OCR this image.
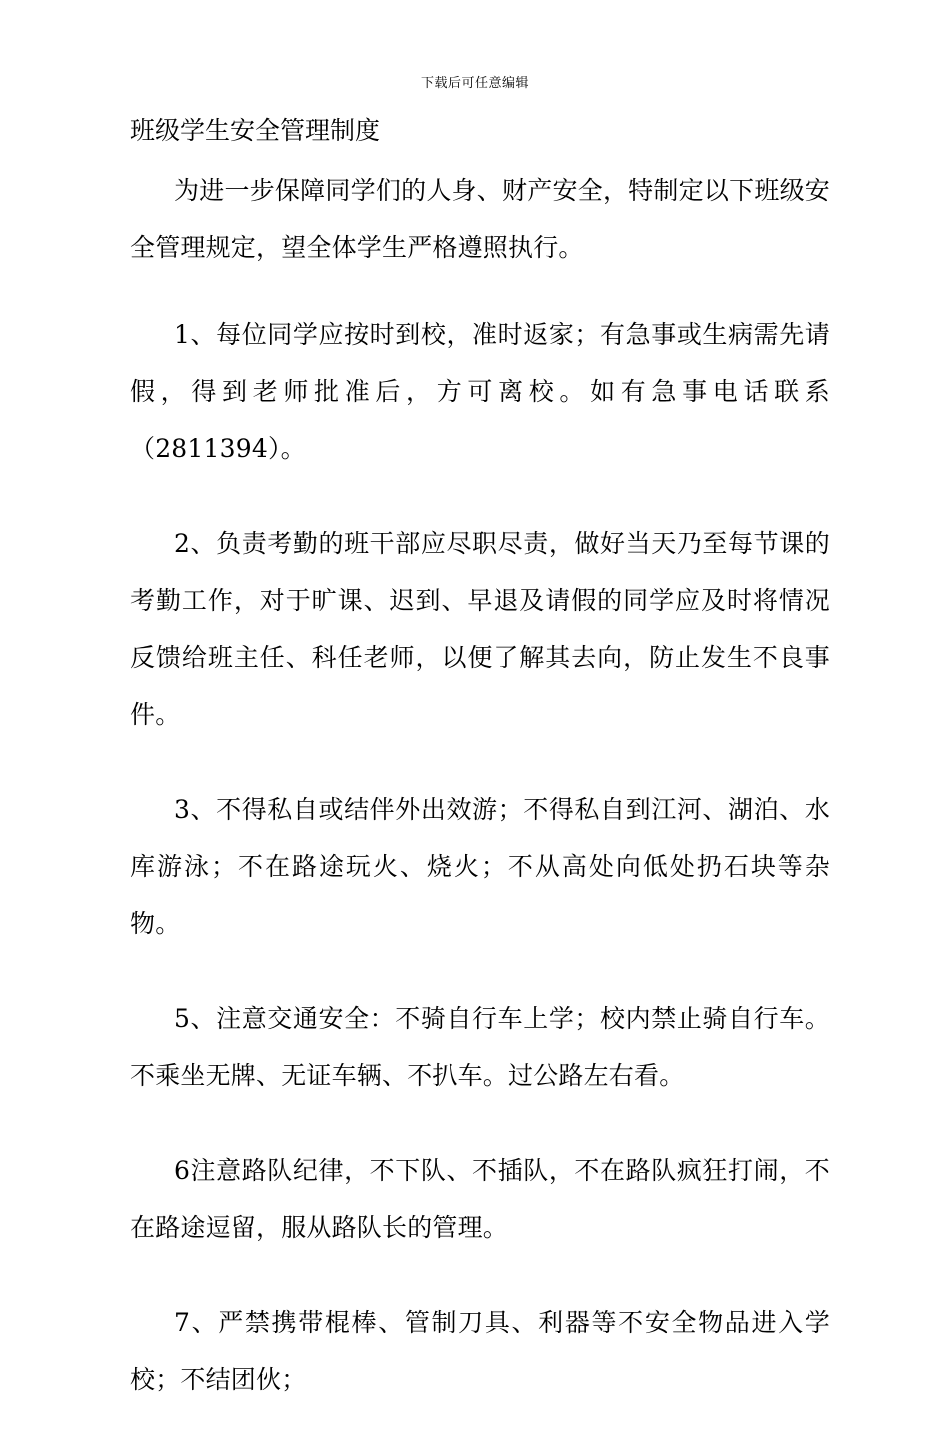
下载后可任意编辑
班级学生安全管理制度

为进一步保障同学们的人身、财产安全，特制定以下班级安全管理规定，望全体学生严格遵照执行。

1、每位同学应按时到校，准时返家；有急事或生病需先请假，得到老师批准后，方可离校。如有急事电话联系（2811394）。

2、负责考勤的班干部应尽职尽责，做好当天乃至每节课的考勤工作，对于旷课、迟到、早退及请假的同学应及时将情况反馈给班主任、科任老师，以便了解其去向，防止发生不良事件。

3、不得私自或结伴外出效游；不得私自到江河、湖泊、水库游泳；不在路途玩火、烧火；不从高处向低处扔石块等杂物。

5、注意交通安全：不骑自行车上学；校内禁止骑自行车。不乘坐无牌、无证车辆、不扒车。过公路左右看。

6注意路队纪律，不下队、不插队，不在路队疯狂打闹，不在路途逗留，服从路队长的管理。

7、严禁携带棍棒、管制刀具、利器等不安全物品进入学校；不结团伙；
